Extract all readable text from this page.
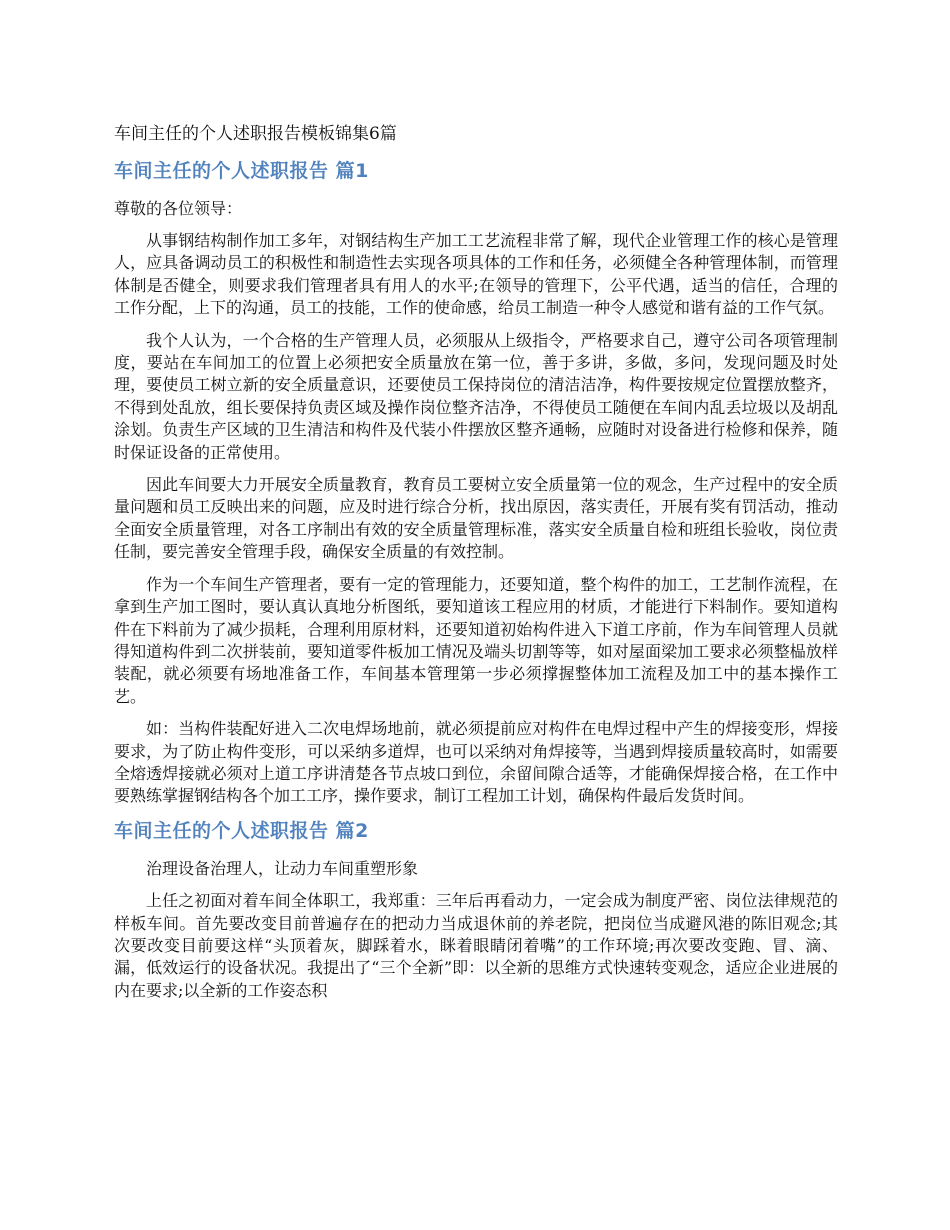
车间主任的个人述职报告模板锦集6篇
车间主任的个人述职报告 篇1

尊敬的各位领导：

从事钢结构制作加工多年，对钢结构生产加工工艺流程非常了解，现代企业管理工作的核心是管理人，应具备调动员工的积极性和制造性去实现各项具体的工作和任务，必须健全各种管理体制，而管理体制是否健全，则要求我们管理者具有用人的水平;在领导的管理下，公平代遇，适当的信任，合理的工作分配，上下的沟通，员工的技能，工作的使命感，给员工制造一种令人感觉和谐有益的工作气氛。

我个人认为，一个合格的生产管理人员，必须服从上级指令，严格要求自己，遵守公司各项管理制度，要站在车间加工的位置上必须把安全质量放在第一位，善于多讲，多做，多问，发现问题及时处理，要使员工树立新的安全质量意识，还要使员工保持岗位的清洁洁净，构件要按规定位置摆放整齐，不得到处乱放，组长要保持负责区域及操作岗位整齐洁净，不得使员工随便在车间内乱丢垃圾以及胡乱涂划。负责生产区域的卫生清洁和构件及代装小件摆放区整齐通畅，应随时对设备进行检修和保养，随时保证设备的正常使用。

因此车间要大力开展安全质量教育，教育员工要树立安全质量第一位的观念，生产过程中的安全质量问题和员工反映出来的问题，应及时进行综合分析，找出原因，落实责任，开展有奖有罚活动，推动全面安全质量管理，对各工序制出有效的安全质量管理标准，落实安全质量自检和班组长验收，岗位责任制，要完善安全管理手段，确保安全质量的有效控制。

作为一个车间生产管理者，要有一定的管理能力，还要知道，整个构件的加工，工艺制作流程，在拿到生产加工图时，要认真认真地分析图纸，要知道该工程应用的材质，才能进行下料制作。要知道构件在下料前为了减少损耗，合理利用原材料，还要知道初始构件进入下道工序前，作为车间管理人员就得知道构件到二次拼装前，要知道零件板加工情况及端头切割等等，如对屋面梁加工要求必须整榀放样装配，就必须要有场地准备工作，车间基本管理第一步必须撑握整体加工流程及加工中的基本操作工艺。

如：当构件装配好进入二次电焊场地前，就必须提前应对构件在电焊过程中产生的焊接变形，焊接要求，为了防止构件变形，可以采纳多道焊，也可以采纳对角焊接等，当遇到焊接质量较高时，如需要全熔透焊接就必须对上道工序讲清楚各节点坡口到位，余留间隙合适等，才能确保焊接合格，在工作中要熟练掌握钢结构各个加工工序，操作要求，制订工程加工计划，确保构件最后发货时间。

车间主任的个人述职报告 篇2

治理设备治理人，让动力车间重塑形象

上任之初面对着车间全体职工，我郑重：三年后再看动力，一定会成为制度严密、岗位法律规范的样板车间。首先要改变目前普遍存在的把动力当成退休前的养老院，把岗位当成避风港的陈旧观念;其次要改变目前要这样“头顶着灰，脚踩着水，眯着眼睛闭着嘴”的工作环境;再次要改变跑、冒、滴、漏，低效运行的设备状况。我提出了“三个全新”即：以全新的思维方式快速转变观念，适应企业进展的内在要求;以全新的工作姿态积
